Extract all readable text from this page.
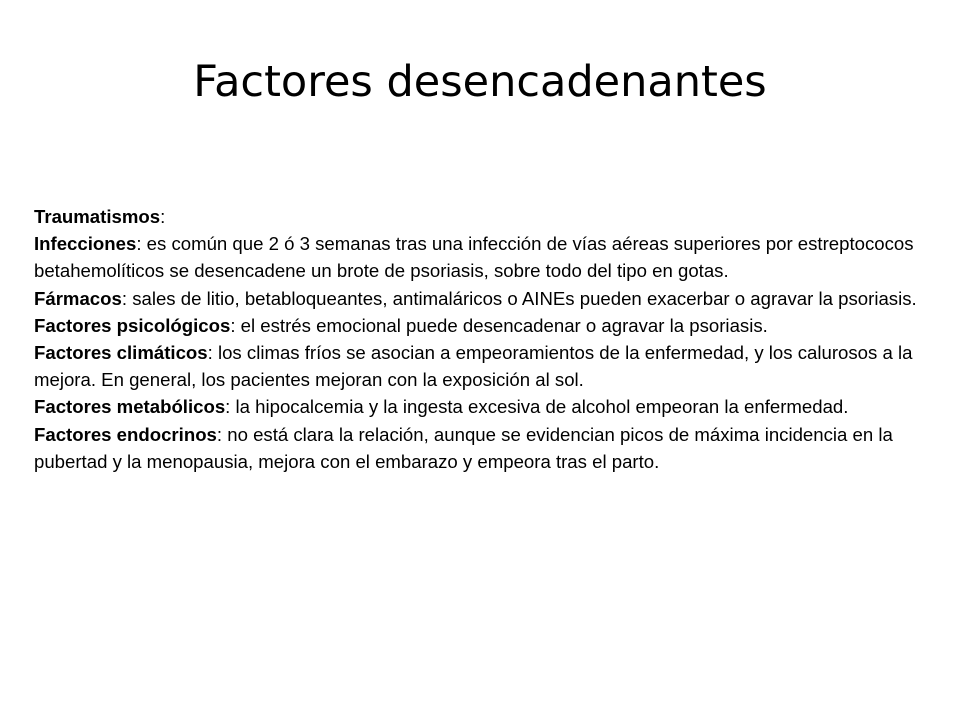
Factores desencadenantes

Traumatismos:

Infecciones: es común que 2 ó 3 semanas tras una infección de vías aéreas superiores por estreptococos betahemolíticos se desencadene un brote de psoriasis, sobre todo del tipo en gotas.

Fármacos: sales de litio, betabloqueantes, antimaláricos o AINEs pueden exacerbar o agravar la psoriasis.

Factores psicológicos: el estrés emocional puede desencadenar o agravar la psoriasis.

Factores climáticos: los climas fríos se asocian a empeoramientos de la enfermedad, y los calurosos a la mejora. En general, los pacientes mejoran con la exposición al sol.

Factores metabólicos: la hipocalcemia y la ingesta excesiva de alcohol empeoran la enfermedad.

Factores endocrinos: no está clara la relación, aunque se evidencian picos de máxima incidencia en la pubertad y la menopausia, mejora con el embarazo y empeora tras el parto.
